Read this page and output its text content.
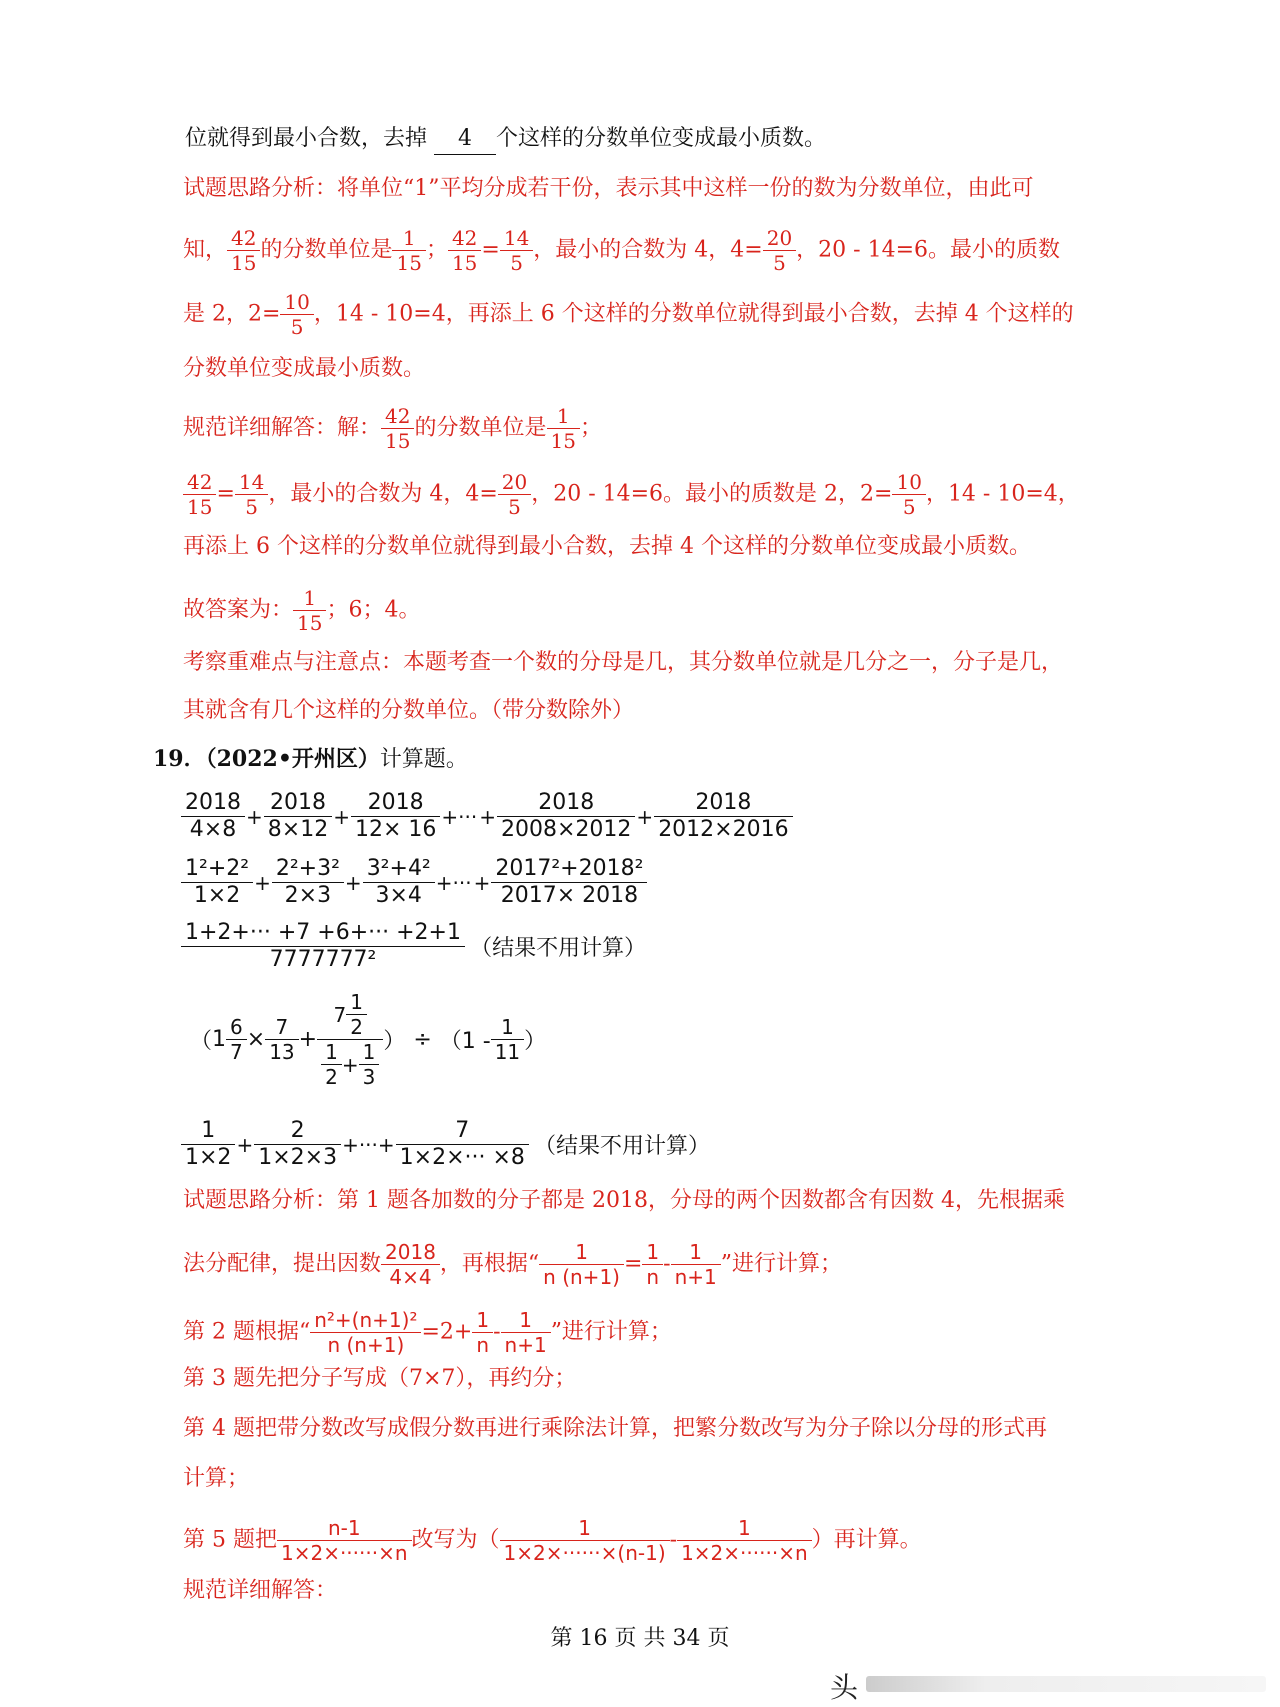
位就得到最小合数，去掉 4 个这样的分数单位变成最小质数。
试题思路分析：将单位“1”平均分成若干份，表示其中这样一份的数为分数单位，由此可
知， $\frac{42}{15}$ 的分数单位是 $\frac{1}{15}$ ； $\frac{42}{15} = \frac{14}{5}$ ，最小的合数为 4，$4= \frac{20}{5}$ ，20 - 14=6。最小的质数
是 2，$2= \frac{10}{5}$ ，14 - 10=4，再添上 6 个这样的分数单位就得到最小合数，去掉 4 个这样的
分数单位变成最小质数。
规范详细解答：解： $\frac{42}{15}$ 的分数单位是 $\frac{1}{15}$ ；
$\frac{42}{15} = \frac{14}{5}$ ，最小的合数为 4，$4= \frac{20}{5}$ ，20 - 14=6。最小的质数是 2，$2= \frac{10}{5}$ ，14 - 10=4，
再添上 6 个这样的分数单位就得到最小合数，去掉 4 个这样的分数单位变成最小质数。
故答案为： $\frac{1}{15}$ ；6；4。
考察重难点与注意点：本题考查一个数的分母是几，其分数单位就是几分之一，分子是几，
其就含有几个这样的分数单位。（带分数除外）
19．（2022•开州区）计算题。
$\frac{2018}{4\times 8} + \frac{2018}{8\times 12} + \frac{2018}{12\times 16}$ +··· + $\frac{2018}{2008\times 2012} + \frac{2018}{2012\times 2016}$
$\frac{\text{1²+2²}}{1\times 2} + \frac{\text{2²+3²}}{2\times 3} + \frac{\text{3²+4²}}{3\times 4}$ +··· + $\frac{\text{2017²+2018²}}{2017\times 2018}$
$\frac{1+2+\cdot\cdot\cdot +7 +6+\cdot\cdot\cdot +2+1}{\text{7777777²}}$ （结果不用计算）
（ $1 \frac{6}{7} \times \frac{7}{13} + 7$
1
2
1
2
+
1
3 ） ÷ （1 -
1
11 ）
$\frac{1}{1\times 2} + \frac{2}{1\times 2\times 3}$ +···+ $\frac{7}{1\times 2\times\cdot\cdot\cdot \times 8}$ （结果不用计算）
试题思路分析：第 1 题各加数的分子都是 2018，分母的两个因数都含有因数 4，先根据乘
法分配律，提出因数 $\frac{2018}{4\times 4}$ ，再根据“ $\frac{1}{n (n+1)} = \frac{1}{n} - \frac{1}{n+1}$ ”进行计算；
第 2 题根据“ $\frac{\text{n²+(n+1)²}}{n (n+1)} =2+ \frac{1}{n} - \frac{1}{n+1}$ ”进行计算；
第 3 题先把分子写成（7×7），再约分；
第 4 题把带分数改写成假分数再进行乘除法计算，把繁分数改写为分子除以分母的形式再
计算；
第 5 题把 $\frac{n-1}{1\times 2\times\cdot\cdot\cdot\cdot\cdot\cdot\times n}$ 改写为（ $\frac{1}{1\times 2\times\cdot\cdot\cdot\cdot\cdot\cdot\times(n-1)} - \frac{1}{1\times 2\times\cdot\cdot\cdot\cdot\cdot\cdot\times n}$ ）再计算。
规范详细解答：
第 16 页 共 34 页
头
